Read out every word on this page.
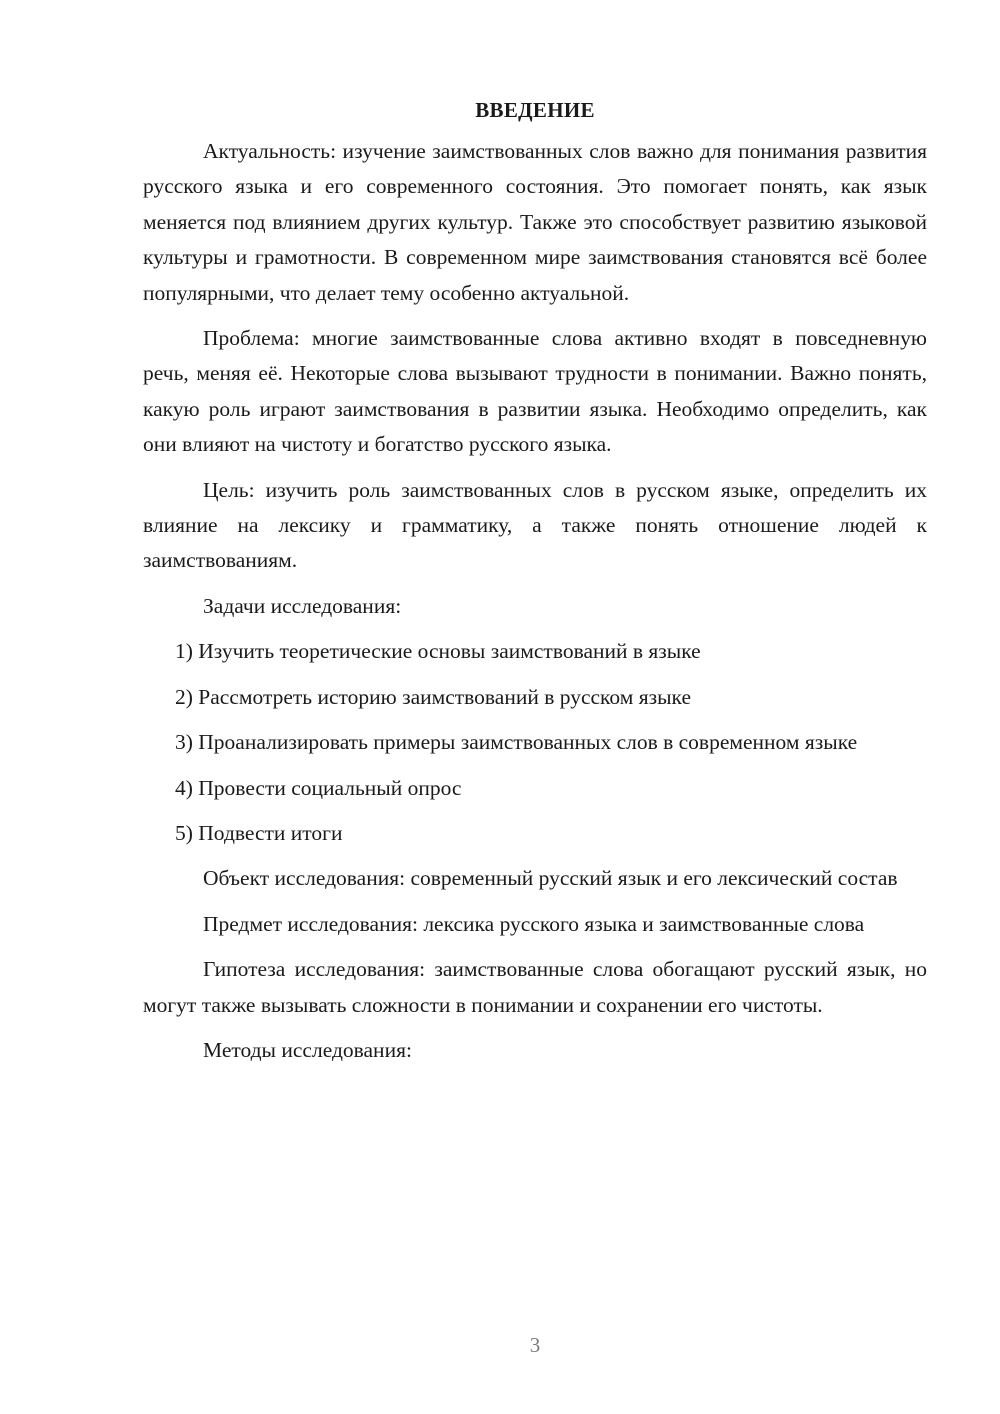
ВВЕДЕНИЕ

Актуальность: изучение заимствованных слов важно для понимания развития русского языка и его современного состояния. Это помогает понять, как язык меняется под влиянием других культур. Также это способствует развитию языковой культуры и грамотности. В современном мире заимствования становятся всё более популярными, что делает тему особенно актуальной.

Проблема: многие заимствованные слова активно входят в повседневную речь, меняя её. Некоторые слова вызывают трудности в понимании. Важно понять, какую роль играют заимствования в развитии языка. Необходимо определить, как они влияют на чистоту и богатство русского языка.

Цель: изучить роль заимствованных слов в русском языке, определить их влияние на лексику и грамматику, а также понять отношение людей к заимствованиям.

Задачи исследования:

1) Изучить теоретические основы заимствований в языке

2) Рассмотреть историю заимствований в русском языке

3) Проанализировать примеры заимствованных слов в современном языке

4) Провести социальный опрос

5) Подвести итоги

Объект исследования: современный русский язык и его лексический состав

Предмет исследования: лексика русского языка и заимствованные слова

Гипотеза исследования: заимствованные слова обогащают русский язык, но могут также вызывать сложности в понимании и сохранении его чистоты.

Методы исследования:

3
